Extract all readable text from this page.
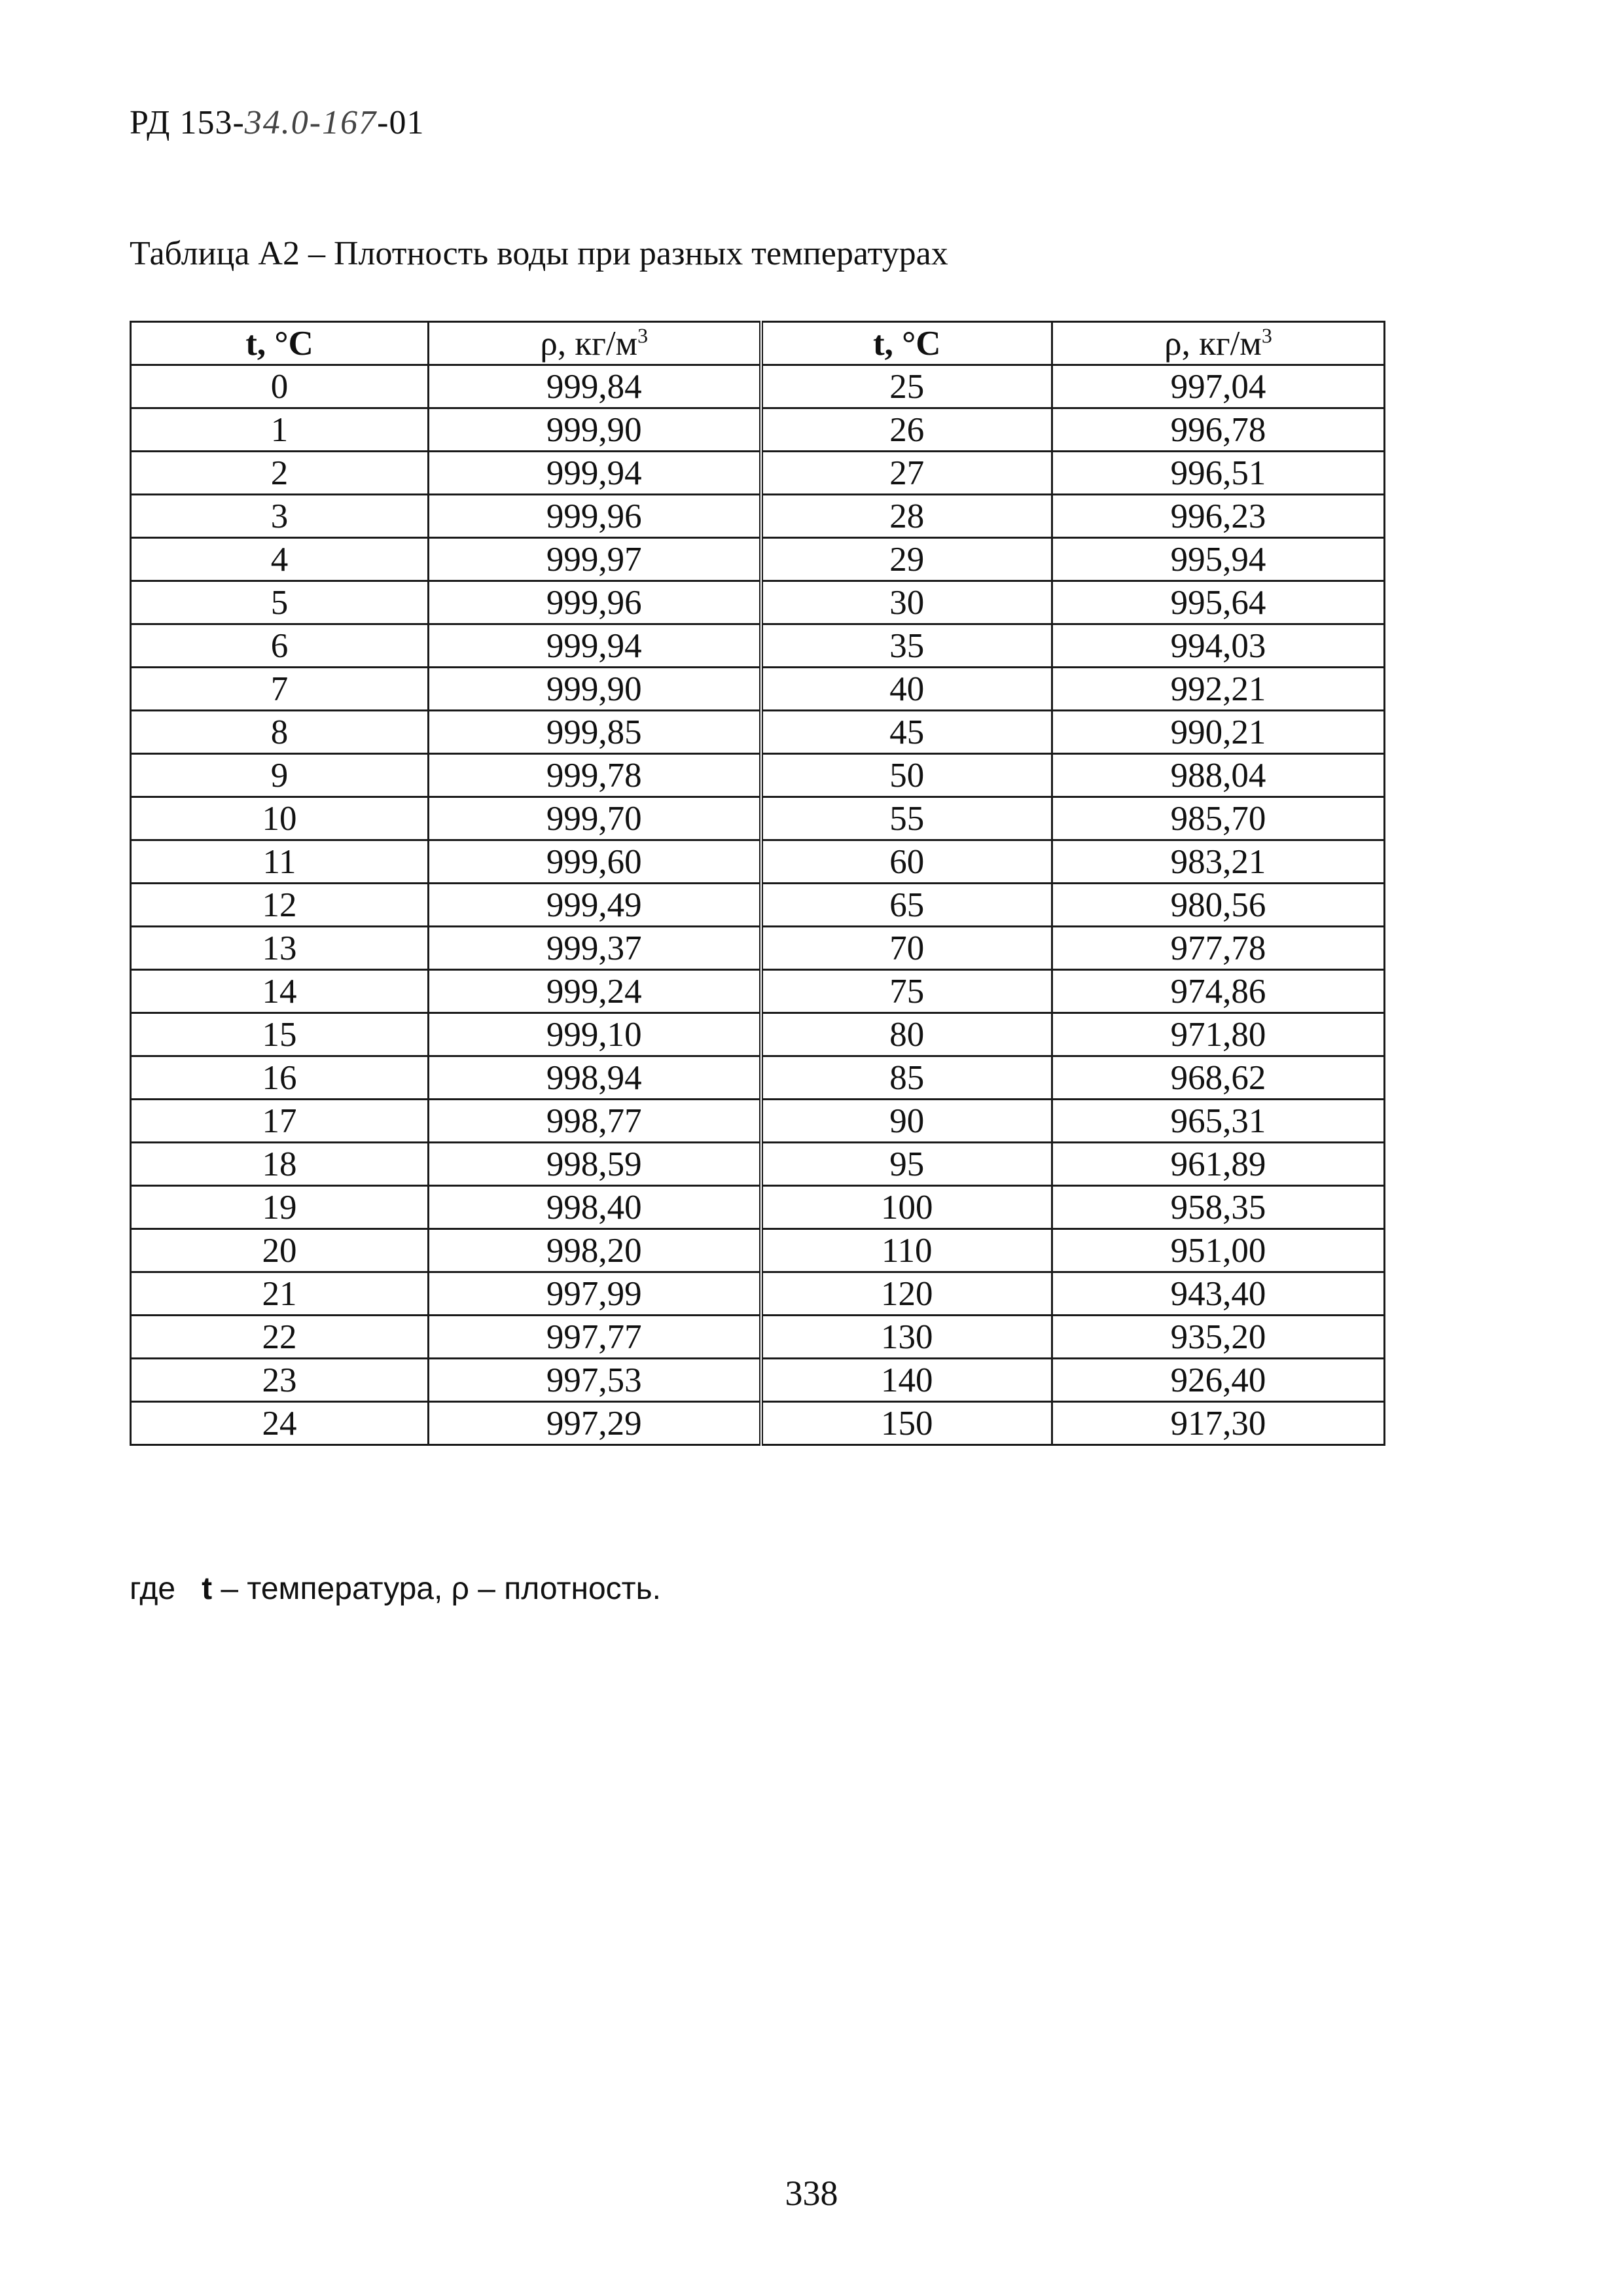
РД 153-34.0-167-01
Таблица А2 – Плотность воды при разных температурах
t, °C	ρ, $кг/м^3$	t, °C	ρ, $кг/м^3$
0	999,84	25	997,04
1	999,90	26	996,78
2	999,94	27	996,51
3	999,96	28	996,23
4	999,97	29	995,94
5	999,96	30	995,64
6	999,94	35	994,03
7	999,90	40	992,21
8	999,85	45	990,21
9	999,78	50	988,04
10	999,70	55	985,70
11	999,60	60	983,21
12	999,49	65	980,56
13	999,37	70	977,78
14	999,24	75	974,86
15	999,10	80	971,80
16	998,94	85	968,62
17	998,77	90	965,31
18	998,59	95	961,89
19	998,40	100	958,35
20	998,20	110	951,00
21	997,99	120	943,40
22	997,77	130	935,20
23	997,53	140	926,40
24	997,29	150	917,30
где t – температура, ρ – плотность.
338
